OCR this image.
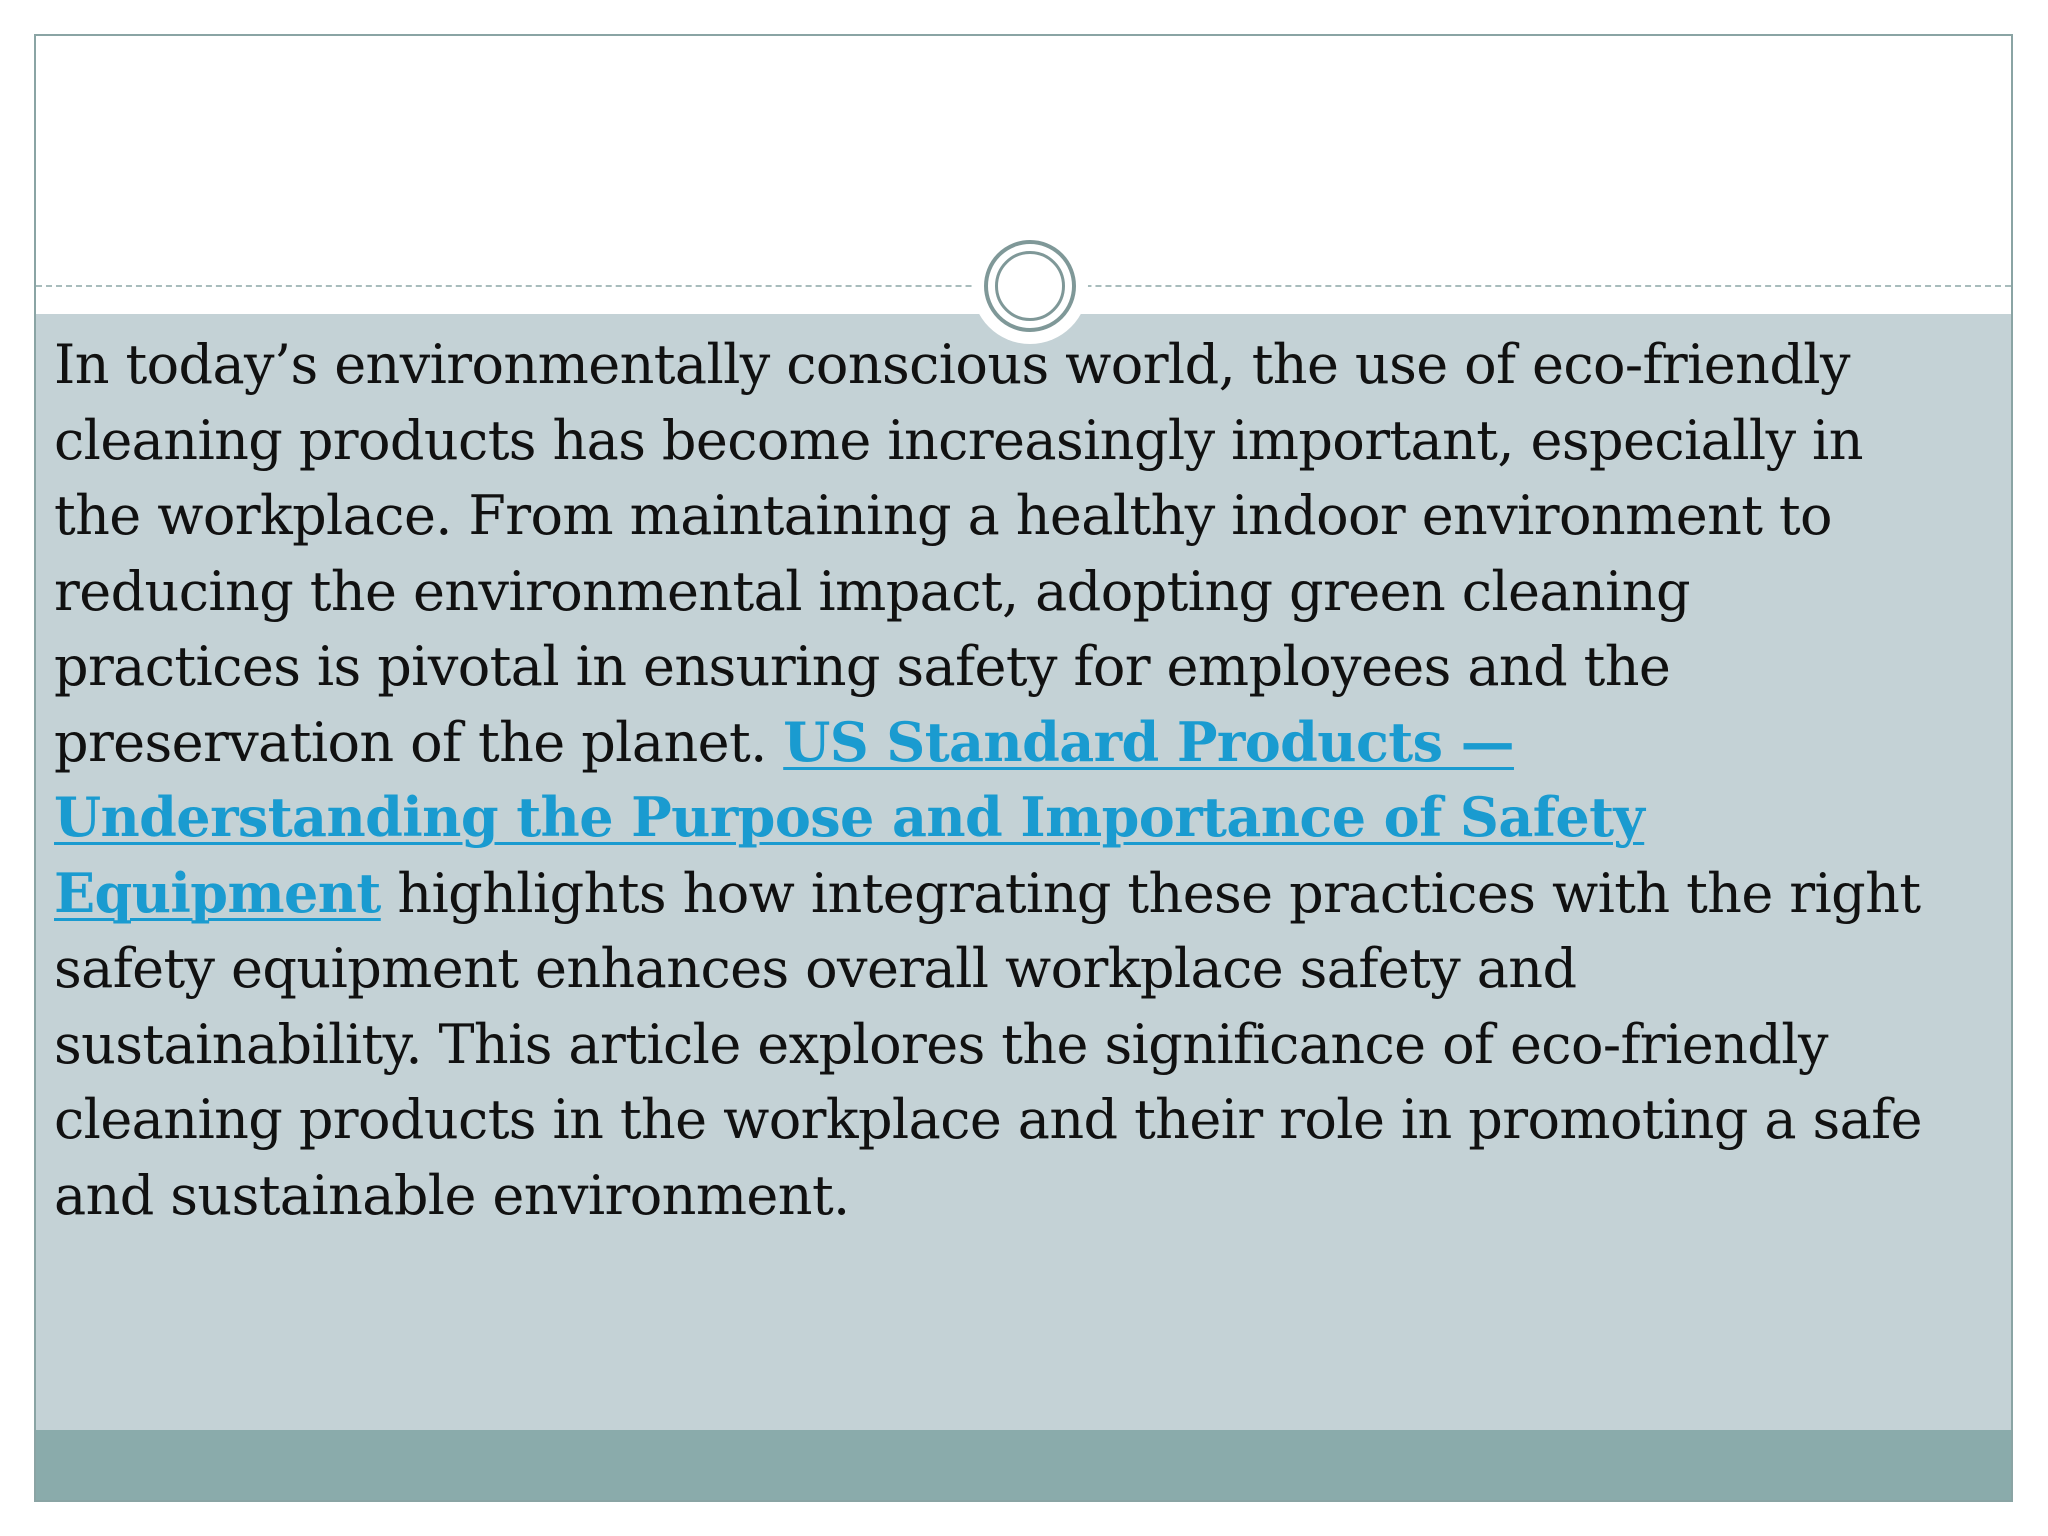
In today’s environmentally conscious world, the use of eco-friendly cleaning products has become increasingly important, especially in the workplace. From maintaining a healthy indoor environment to reducing the environmental impact, adopting green cleaning practices is pivotal in ensuring safety for employees and the preservation of the planet. US Standard Products — Understanding the Purpose and Importance of Safety Equipment highlights how integrating these practices with the right safety equipment enhances overall workplace safety and sustainability. This article explores the significance of eco-friendly cleaning products in the workplace and their role in promoting a safe and sustainable environment.
